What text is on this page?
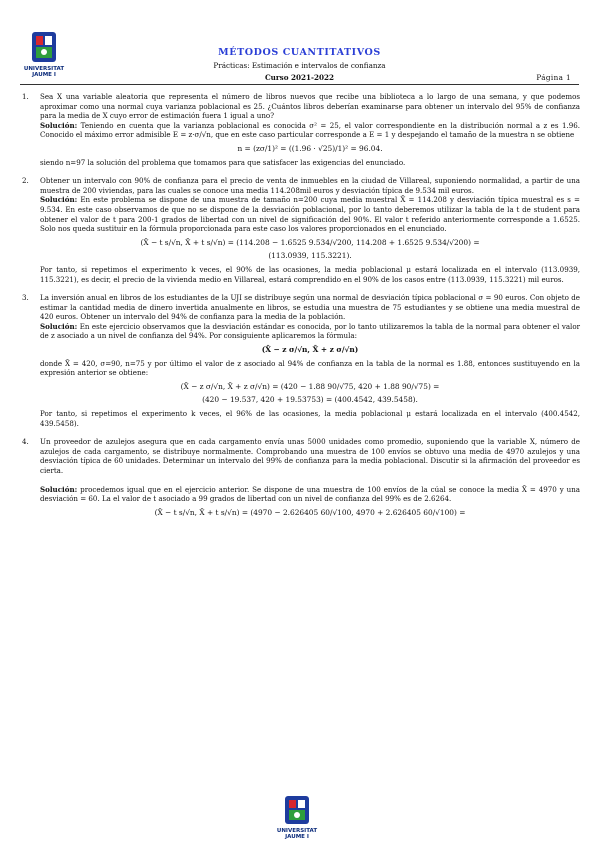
UNIVERSITAT JAUME I
MÉTODOS CUANTITATIVOS
Prácticas: Estimación e intervalos de confianza
Curso 2021-2022	Página 1
1. Sea X una variable aleatoria que representa el número de libros nuevos que recibe una biblioteca a lo largo de una semana, y que podemos aproximar como una normal cuya varianza poblacional es 25. ¿Cuántos libros deberían examinarse para obtener un intervalo del 95% de confianza para la media de X cuyo error de estimación fuera 1 igual a uno?
Solución: Teniendo en cuenta que la varianza poblacional es conocida σ² = 25, el valor correspondiente en la distribución normal a z es 1.96. Conocido el máximo error admisible E = z·σ/√n, que en este caso particular corresponde a E = 1 y despejando el tamaño de la muestra n se obtiene
n = (zσ/1)² = ((1.96 · √25)/1)² = 96.04.
siendo n=97 la solución del problema que tomamos para que satisfacer las exigencias del enunciado.
2. Obtener un intervalo con 90% de confianza para el precio de venta de inmuebles en la ciudad de Villareal, suponiendo normalidad, a partir de una muestra de 200 viviendas, para las cuales se conoce una media 114.208mil euros y desviación típica de 9.534 mil euros.
Solución: En este problema se dispone de una muestra de tamaño n=200 cuya media muestral X̄ = 114.208 y desviación típica muestral es s = 9.534. En este caso observamos de que no se dispone de la desviación poblacional, por lo tanto deberemos utilizar la tabla de la t de student para obtener el valor de t para 200-1 grados de libertad con un nivel de significación del 90%. El valor t referido anteriormente corresponde a 1.6525. Solo nos queda sustituir en la fórmula proporcionada para este caso los valores proporcionados en el enunciado.
(X̄ − t s/√n, X̄ + t s/√n) = (114.208 − 1.6525 9.534/√200, 114.208 + 1.6525 9.534/√200) =
(113.0939, 115.3221).
Por tanto, si repetimos el experimento k veces, el 90% de las ocasiones, la media poblacional μ estará localizada en el intervalo (113.0939, 115.3221), es decir, el precio de la vivienda medio en Villareal, estará comprendido en el 90% de los casos entre (113.0939, 115.3221) mil euros.
3. La inversión anual en libros de los estudiantes de la UJI se distribuye según una normal de desviación típica poblacional σ = 90 euros. Con objeto de estimar la cantidad media de dinero invertida anualmente en libros, se estudia una muestra de 75 estudiantes y se obtiene una media muestral de 420 euros. Obtener un intervalo del 94% de confianza para la media de la población.
Solución: En este ejercicio observamos que la desviación estándar es conocida, por lo tanto utilizaremos la tabla de la normal para obtener el valor de z asociado a un nivel de confianza del 94%. Por consiguiente aplicaremos la fórmula:
(X̄ − z σ/√n, X̄ + z σ/√n)
donde X̄ = 420, σ=90, n=75 y por último el valor de z asociado al 94% de confianza en la tabla de la normal es 1.88, entonces sustituyendo en la expresión anterior se obtiene:
(X̄ − z σ/√n, X̄ + z σ/√n) = (420 − 1.88 90/√75, 420 + 1.88 90/√75) =
(420 − 19.537, 420 + 19.53753) = (400.4542, 439.5458).
Por tanto, si repetimos el experimento k veces, el 96% de las ocasiones, la media poblacional μ estará localizada en el intervalo (400.4542, 439.5458).
4. Un proveedor de azulejos asegura que en cada cargamento envía unas 5000 unidades como promedio, suponiendo que la variable X, número de azulejos de cada cargamento, se distribuye normalmente. Comprobando una muestra de 100 envíos se obtuvo una media de 4970 azulejos y una desviación típica de 60 unidades. Determinar un intervalo del 99% de confianza para la media poblacional. Discutir si la afirmación del proveedor es cierta.
Solución: procedemos igual que en el ejercicio anterior. Se dispone de una muestra de 100 envíos de la cúal se conoce la media X̄ = 4970 y una desviación = 60. La el valor de t asociado a 99 grados de libertad con un nivel de confianza del 99% es de 2.6264.
(X̄ − t s/√n, X̄ + t s/√n) = (4970 − 2.626405 60/√100, 4970 + 2.626405 60/√100) =
UNIVERSITAT JAUME I
